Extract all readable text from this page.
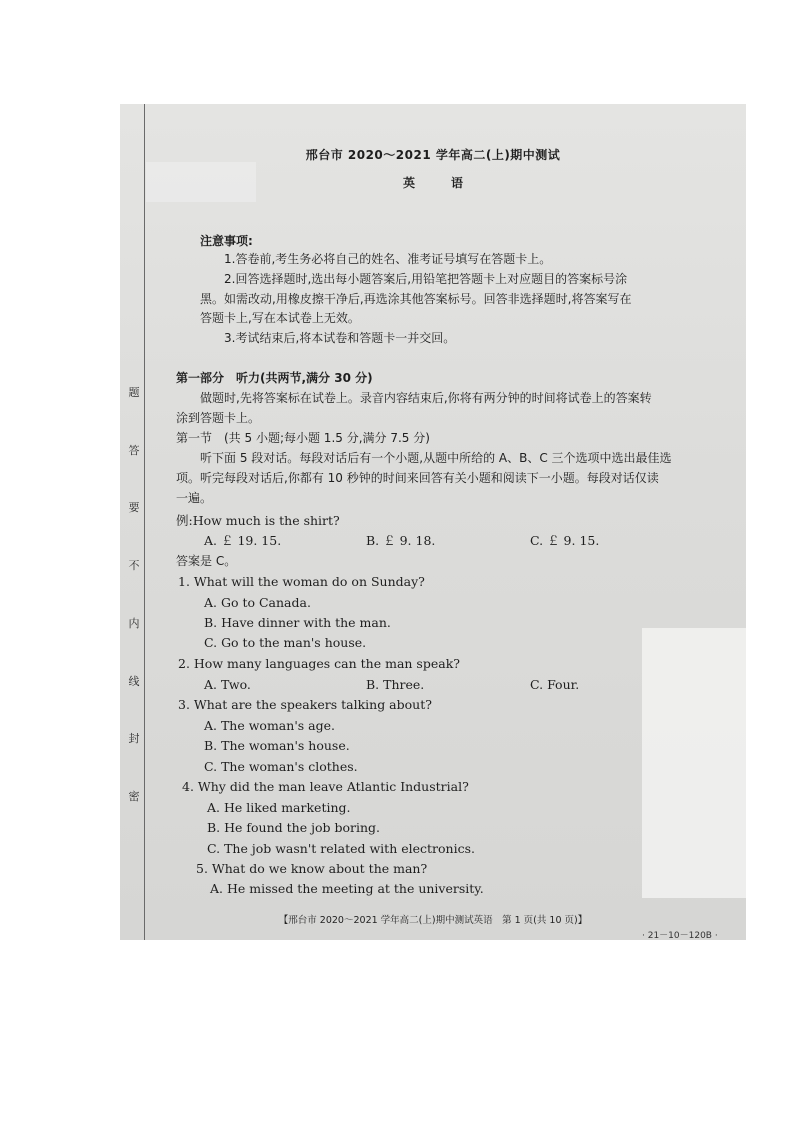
题
答
要
不
内
线
封
密
邢台市 2020～2021 学年高二(上)期中测试
英语
注意事项:
1.答卷前,考生务必将自己的姓名、准考证号填写在答题卡上。
2.回答选择题时,选出每小题答案后,用铅笔把答题卡上对应题目的答案标号涂
黑。如需改动,用橡皮擦干净后,再选涂其他答案标号。回答非选择题时,将答案写在
答题卡上,写在本试卷上无效。
3.考试结束后,将本试卷和答题卡一并交回。
第一部分　听力(共两节,满分 30 分)
做题时,先将答案标在试卷上。录音内容结束后,你将有两分钟的时间将试卷上的答案转
涂到答题卡上。
第一节　(共 5 小题;每小题 1.5 分,满分 7.5 分)
听下面 5 段对话。每段对话后有一个小题,从题中所给的 A、B、C 三个选项中选出最佳选
项。听完每段对话后,你都有 10 秒钟的时间来回答有关小题和阅读下一小题。每段对话仅读
一遍。
例:How much is the shirt?
A. ￡ 19. 15.	B. ￡ 9. 18.	C. ￡ 9. 15.
答案是 C。
1. What will the woman do on Sunday?
A. Go to Canada.
B. Have dinner with the man.
C. Go to the man's house.
2. How many languages can the man speak?
A. Two.	B. Three.	C. Four.
3. What are the speakers talking about?
A. The woman's age.
B. The woman's house.
C. The woman's clothes.
4. Why did the man leave Atlantic Industrial?
A. He liked marketing.
B. He found the job boring.
C. The job wasn't related with electronics.
5. What do we know about the man?
A. He missed the meeting at the university.
【邢台市 2020～2021 学年高二(上)期中测试英语　第 1 页(共 10 页)】
· 21－10－120B ·
